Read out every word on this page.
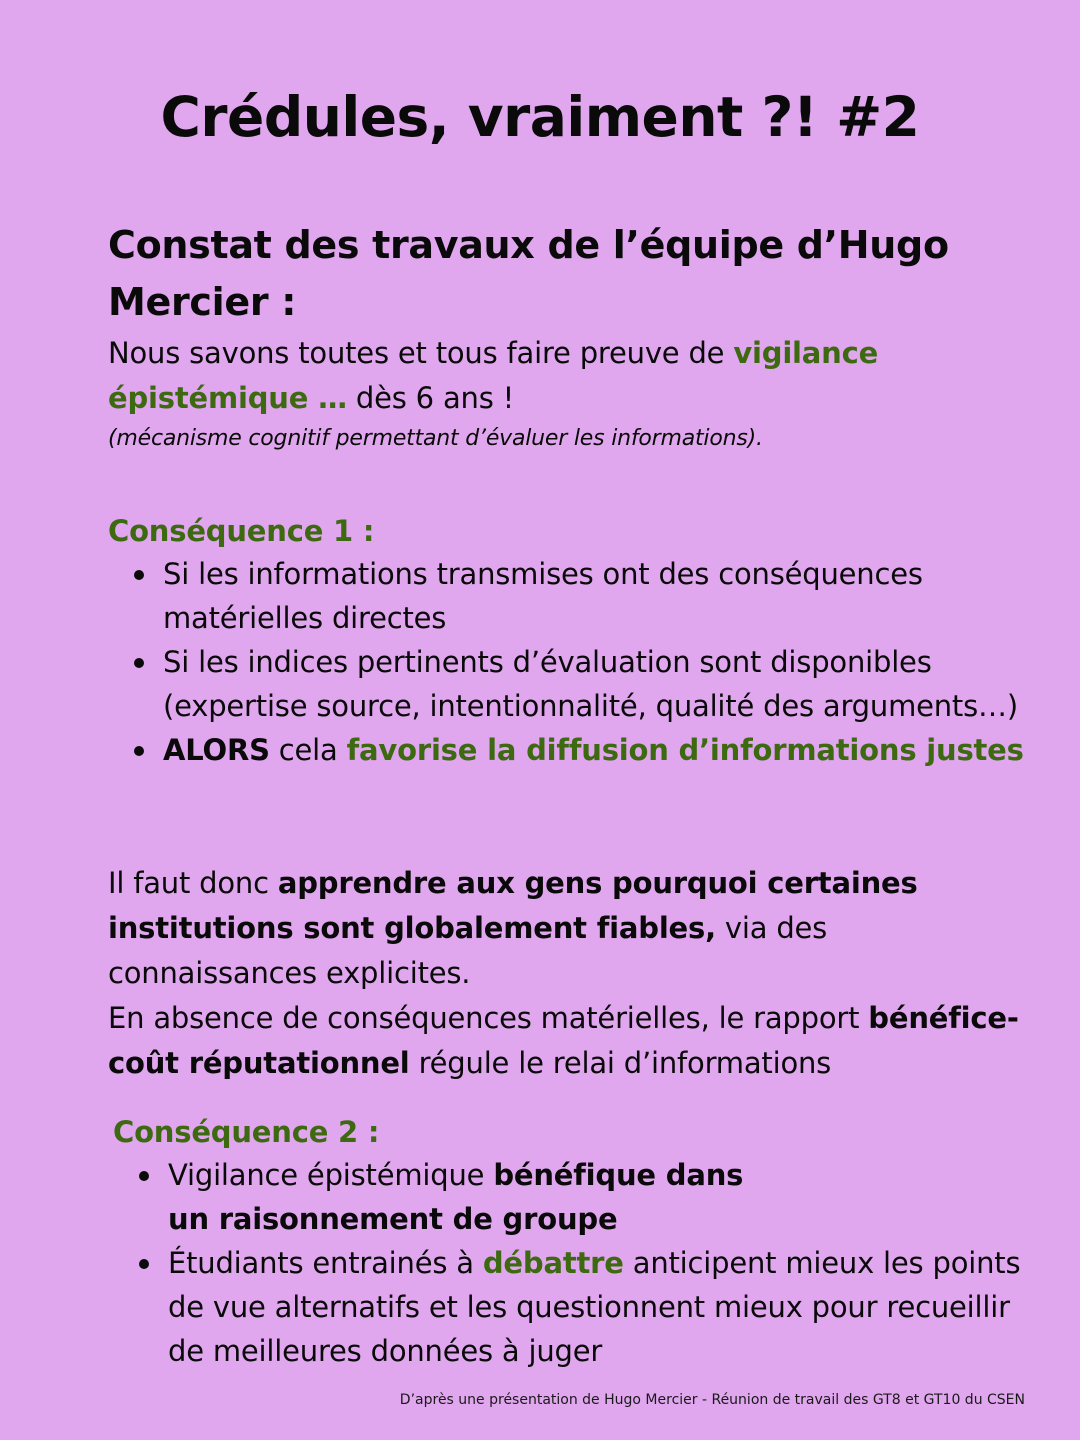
Crédules, vraiment ?! #2
Constat des travaux de l’équipe d’Hugo Mercier :
Nous savons toutes et tous faire preuve de vigilance épistémique … dès 6 ans !
(mécanisme cognitif permettant d’évaluer les informations).
Conséquence 1 :
Si les informations transmises ont des conséquences matérielles directes
Si les indices pertinents d’évaluation sont disponibles (expertise source, intentionnalité, qualité des arguments…)
ALORS cela favorise la diffusion d’informations justes
Il faut donc apprendre aux gens pourquoi certaines institutions sont globalement fiables, via des connaissances explicites.
En absence de conséquences matérielles, le rapport bénéfice-coût réputationnel régule le relai d’informations
Conséquence 2 :
Vigilance épistémique bénéfique dans un raisonnement de groupe
Étudiants entrainés à débattre anticipent mieux les points de vue alternatifs et les questionnent mieux pour recueillir de meilleures données à juger
D’après une présentation de Hugo Mercier - Réunion de travail des GT8 et GT10 du CSEN
